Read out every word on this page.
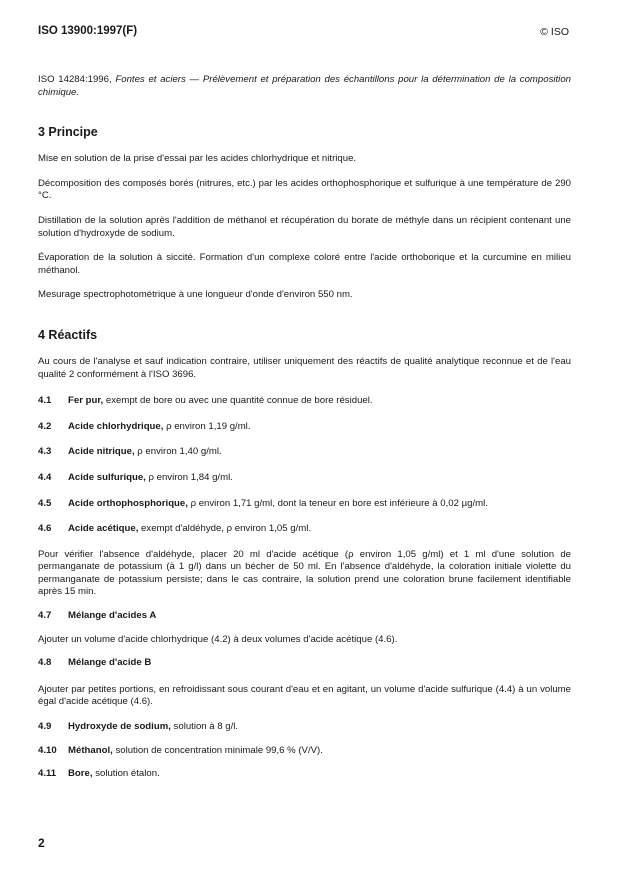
ISO 13900:1997(F)	© ISO

ISO 14284:1996, Fontes et aciers — Prélèvement et préparation des échantillons pour la détermination de la composition chimique.

3 Principe

Mise en solution de la prise d'essai par les acides chlorhydrique et nitrique.

Décomposition des composés borés (nitrures, etc.) par les acides orthophosphorique et sulfurique à une température de 290 °C.

Distillation de la solution après l'addition de méthanol et récupération du borate de méthyle dans un récipient contenant une solution d'hydroxyde de sodium.

Évaporation de la solution à siccité. Formation d'un complexe coloré entre l'acide orthoborique et la curcumine en milieu méthanol.

Mesurage spectrophotométrique à une longueur d'onde d'environ 550 nm.

4 Réactifs

Au cours de l'analyse et sauf indication contraire, utiliser uniquement des réactifs de qualité analytique reconnue et de l'eau qualité 2 conformément à l'ISO 3696.

4.1	Fer pur, exempt de bore ou avec une quantité connue de bore résiduel.
4.2	Acide chlorhydrique, ρ environ 1,19 g/ml.
4.3	Acide nitrique, ρ environ 1,40 g/ml.
4.4	Acide sulfurique, ρ environ 1,84 g/ml.
4.5	Acide orthophosphorique, ρ environ 1,71 g/ml, dont la teneur en bore est inférieure à 0,02 µg/ml.
4.6	Acide acétique, exempt d'aldéhyde, ρ environ 1,05 g/ml.

Pour vérifier l'absence d'aldéhyde, placer 20 ml d'acide acétique (ρ environ 1,05 g/ml) et 1 ml d'une solution de permanganate de potassium (à 1 g/l) dans un bécher de 50 ml. En l'absence d'aldéhyde, la coloration initiale violette du permanganate de potassium persiste; dans le cas contraire, la solution prend une coloration brune facilement identifiable après 15 min.

4.7	Mélange d'acides A

Ajouter un volume d'acide chlorhydrique (4.2) à deux volumes d'acide acétique (4.6).

4.8	Mélange d'acide B

Ajouter par petites portions, en refroidissant sous courant d'eau et en agitant, un volume d'acide sulfurique (4.4) à un volume égal d'acide acétique (4.6).

4.9	Hydroxyde de sodium, solution à 8 g/l.
4.10	Méthanol, solution de concentration minimale 99,6 % (V/V).
4.11	Bore, solution étalon.
2
